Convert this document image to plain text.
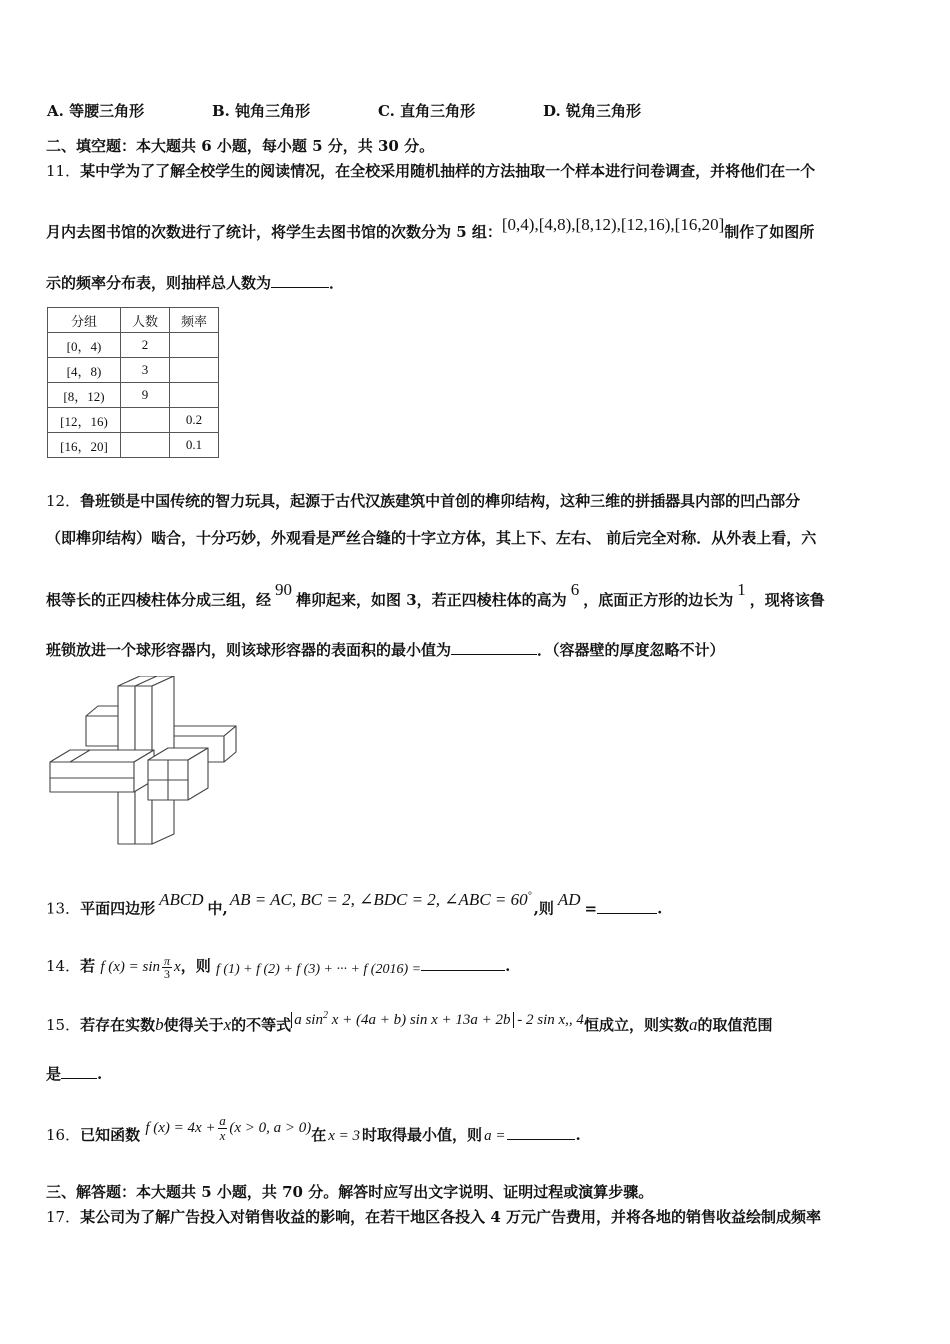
A. 等腰三角形	B. 钝角三角形	C. 直角三角形	D. 锐角三角形
二、填空题：本大题共 6 小题，每小题 5 分，共 30 分。
11．某中学为了了解全校学生的阅读情况，在全校采用随机抽样的方法抽取一个样本进行问卷调查，并将他们在一个
月内去图书馆的次数进行了统计，将学生去图书馆的次数分为 5 组：[0,4),[4,8),[8,12),[12,16),[16,20]制作了如图所
示的频率分布表，则抽样总人数为	．
分组	人数	频率
[0，4)	2	
[4，8)	3	
[8，12)	9	
[12，16)		0.2
[16，20]		0.1
12．鲁班锁是中国传统的智力玩具，起源于古代汉族建筑中首创的榫卯结构，这种三维的拼插器具内部的凹凸部分
（即榫卯结构）啮合，十分巧妙，外观看是严丝合缝的十字立方体，其上下、左右、 前后完全对称．从外表上看，六
根等长的正四棱柱体分成三组，经90榫卯起来，如图 3，若正四棱柱体的高为6，底面正方形的边长为1，现将该鲁
班锁放进一个球形容器内，则该球形容器的表面积的最小值为	．（容器壁的厚度忽略不计）
13．平面四边形 ABCD 中, AB = AC, BC = 2, ∠BDC = 2, ∠ABC = 60°,则 AD =	.
14．若 f $(x) = \sin \frac{\pi}{3}$ x，则 f (1) + f (2) + f (3) + ··· + f (2016) =	.
15．若存在实数b使得关于x的不等式 a $\sin^2 x + (4a + b)$ sin x + 13a + 2b - 2 sin x,, 4恒成立，则实数a的取值范围
是 .
16．已知函数 f $(x) = 4x + \frac{a}{x} (x > 0$, a > 0)在 x = 3 时取得最小值，则 a =	.
三、解答题：本大题共 5 小题，共 70 分。解答时应写出文字说明、证明过程或演算步骤。
17．某公司为了解广告投入对销售收益的影响，在若干地区各投入 4 万元广告费用，并将各地的销售收益绘制成频率
